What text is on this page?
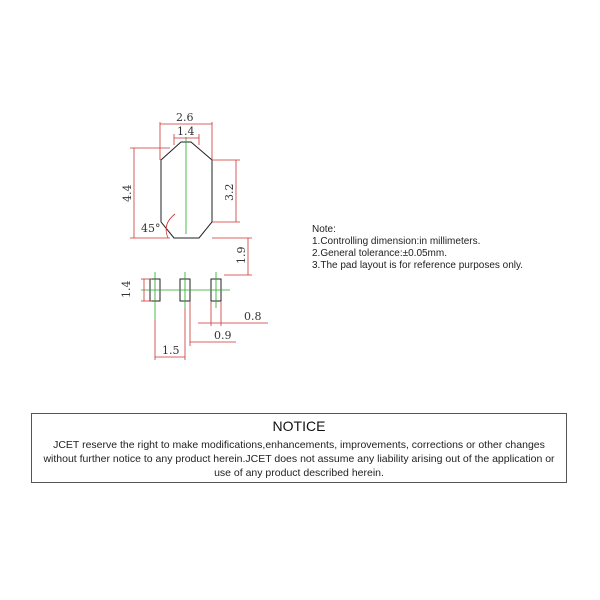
2.6
1.4
4.4	3.2
45°
1.9
1.4
0.8
0.9
1.5
Note:
1.Controlling dimension:in millimeters.
2.General tolerance:±0.05mm.
3.The pad layout is for reference purposes only.
NOTICE
JCET reserve the right to make modifications,enhancements, improvements, corrections or other changes without further notice to any product herein.JCET does not assume any liability arising out of the application or use of any product described herein.
